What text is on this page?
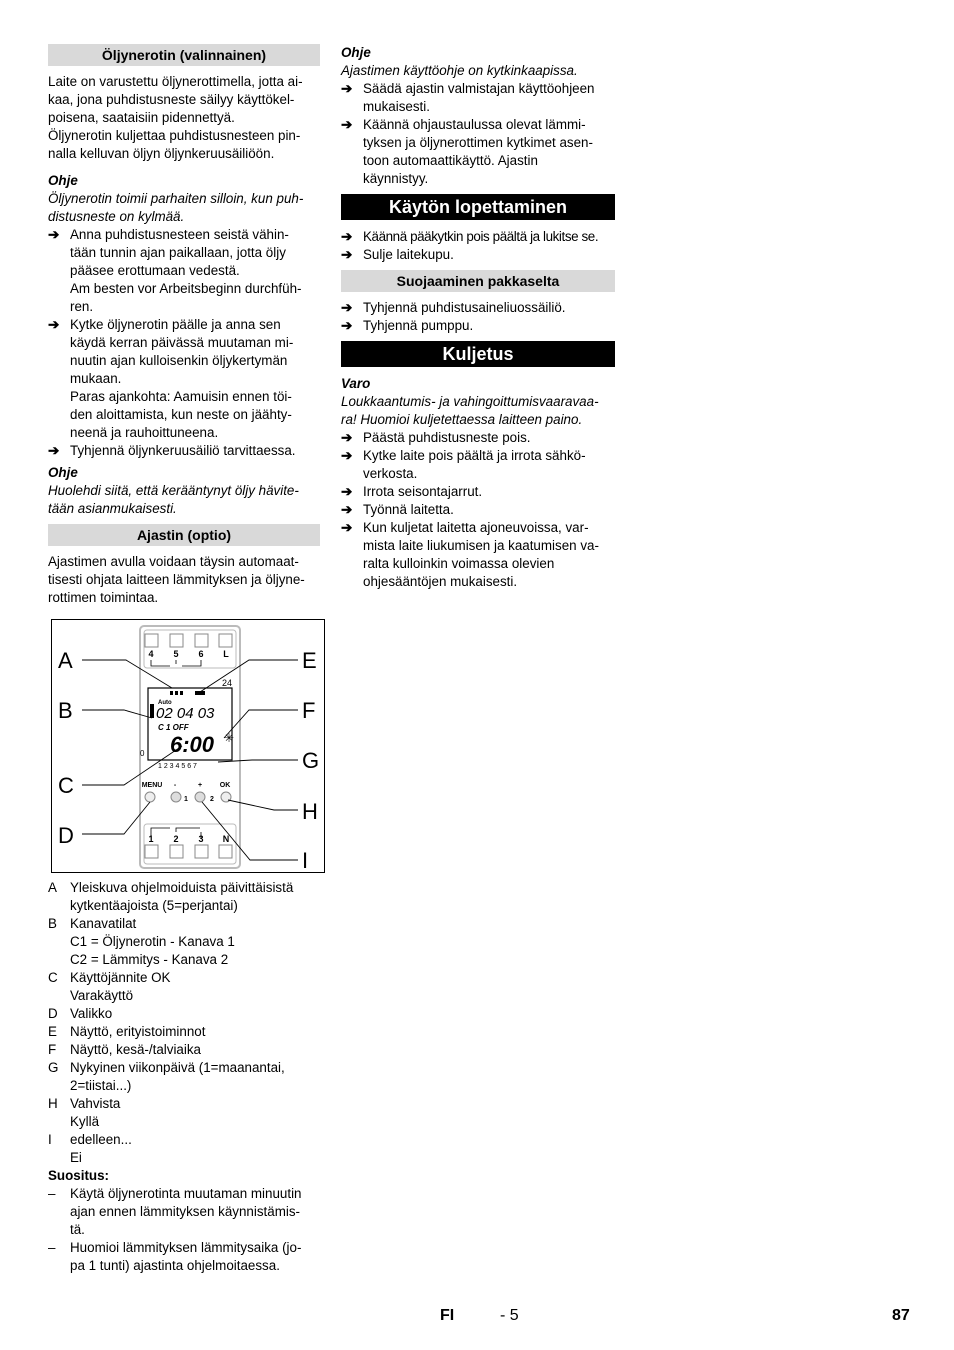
Öljynerotin (valinnainen)

Laite on varustettu öljynerottimella, jotta ai-
kaa, jona puhdistusneste säilyy käyttökel-
poisena, saataisiin pidennettyä.

Öljynerotin kuljettaa puhdistusnesteen pin-
nalla kelluvan öljyn öljynkeruusäiliöön.

Ohje

Öljynerotin toimii parhaiten silloin, kun puh-
distusneste on kylmää.

➔ Anna puhdistusnesteen seistä vähin-
tään tunnin ajan paikallaan, jotta öljy
pääsee erottumaan vedestä.
Am besten vor Arbeitsbeginn durchfüh-
ren.
➔ Kytke öljynerotin päälle ja anna sen
käydä kerran päivässä muutaman mi-
nuutin ajan kulloisenkin öljykertymän
mukaan.
Paras ajankohta: Aamuisin ennen töi-
den aloittamista, kun neste on jäähty-
neenä ja rauhoittuneena.
➔ Tyhjennä öljynkeruusäiliö tarvittaessa.

Ohje

Huolehdi siitä, että kerääntynyt öljy hävite-
tään asianmukaisesti.

Ajastin (optio)

Ajastimen avulla voidaan täysin automaat-
tisesti ohjata laitteen lämmityksen ja öljyne-
rottimen toimintaa.

4 5 6 L
24
0
Auto
02 04 03
C 1 OFF
6:00 ✳
1 2 3 4 5 6 7
MENU -	+	OK
1	2
1 2 3 N
A
B
C
D
E
F
G
H
I
A Yleiskuva ohjelmoiduista päivittäisistä
kytkentäajoista (5=perjantai)
B Kanavatilat
C1 = Öljynerotin - Kanava 1
C2 = Lämmitys - Kanava 2
C Käyttöjännite OK
Varakäyttö
D Valikko
E Näyttö, erityistoiminnot
F Näyttö, kesä-/talviaika
G Nykyinen viikonpäivä (1=maanantai,
2=tiistai...)
H Vahvista
Kyllä
I edelleen...
Ei

Suositus:

– Käytä öljynerotinta muutaman minuutin
ajan ennen lämmityksen käynnistämis-
tä.
– Huomioi lämmityksen lämmitysaika (jo-
pa 1 tunti) ajastinta ohjelmoitaessa.

Ohje

Ajastimen käyttöohje on kytkinkaapissa.

➔ Säädä ajastin valmistajan käyttöohjeen
mukaisesti.
➔ Käännä ohjaustaulussa olevat lämmi-
tyksen ja öljynerottimen kytkimet asen-
toon automaattikäyttö. Ajastin
käynnistyy.
Käytön lopettaminen
➔ Käännä pääkytkin pois päältä ja lukitse se.
➔ Sulje laitekupu.
Suojaaminen pakkaselta
➔ Tyhjennä puhdistusaineliuossäiliö.
➔ Tyhjennä pumppu.
Kuljetus

Varo

Loukkaantumis- ja vahingoittumisvaaravaa-
ra! Huomioi kuljetettaessa laitteen paino.

➔ Päästä puhdistusneste pois.
➔ Kytke laite pois päältä ja irrota sähkö-
verkosta.
➔ Irrota seisontajarrut.
➔ Työnnä laitetta.
➔ Kun kuljetat laitetta ajoneuvoissa, var-
mista laite liukumisen ja kaatumisen va-
ralta kulloinkin voimassa olevien
ohjesääntöjen mukaisesti.
FI	- 5	87
